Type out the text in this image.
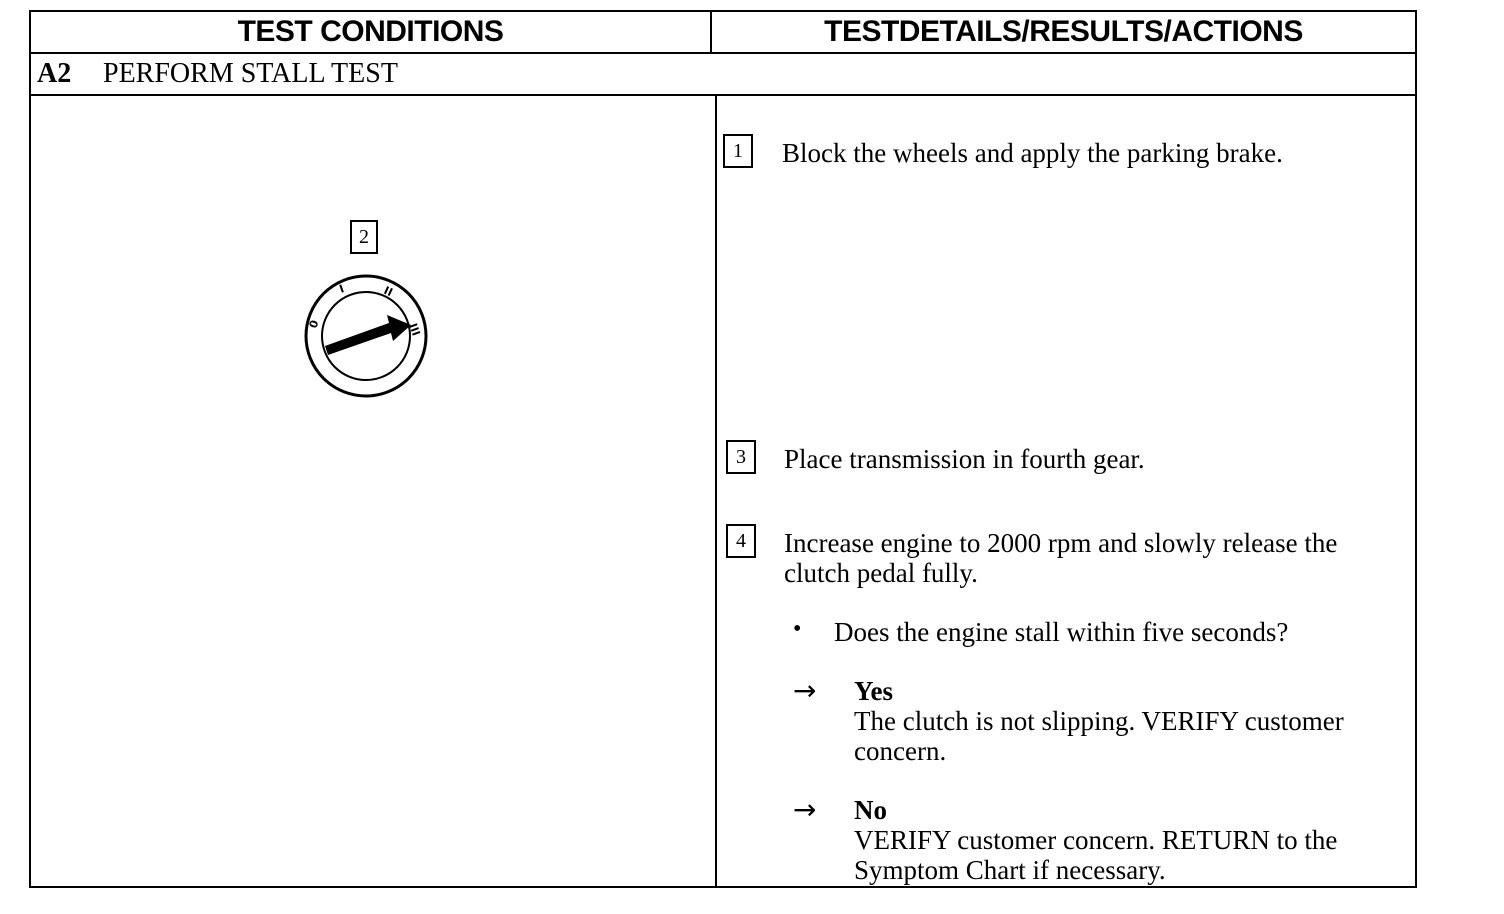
TEST CONDITIONS	TESTDETAILS/RESULTS/ACTIONS
A2	PERFORM STALL TEST
2
0
I	II
III
1	Block the wheels and apply the parking brake.
3	Place transmission in fourth gear.
4	Increase engine to 2000 rpm and slowly release the
clutch pedal fully.
• Does the engine stall within five seconds?
→ Yes
The clutch is not slipping. VERIFY customer
concern.
→ No
VERIFY customer concern. RETURN to the
Symptom Chart if necessary.
